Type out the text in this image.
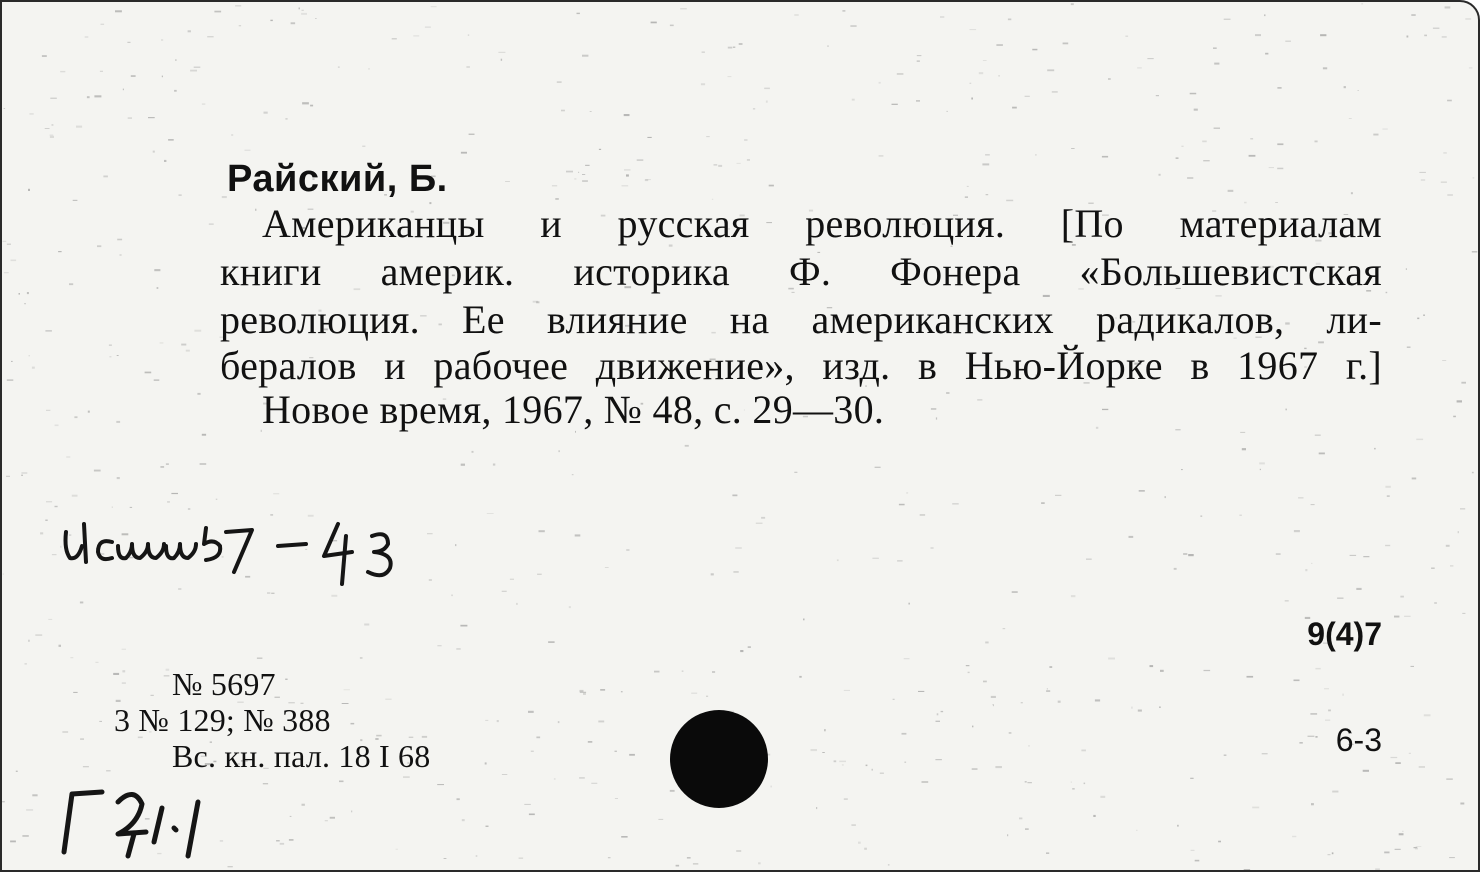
Райский, Б.
Американцы и русская революция. [По материалам
книги америк. историка Ф. Фонера «Большевистская
революция. Ее влияние на американских радикалов, ли-
бералов и рабочее движение», изд. в Нью-Йорке в 1967 г.]
Новое время, 1967, № 48, с. 29—30.
№ 5697
3 № 129; № 388
Вс. кн. пал. 18 I 68
9(4)7
6-3
